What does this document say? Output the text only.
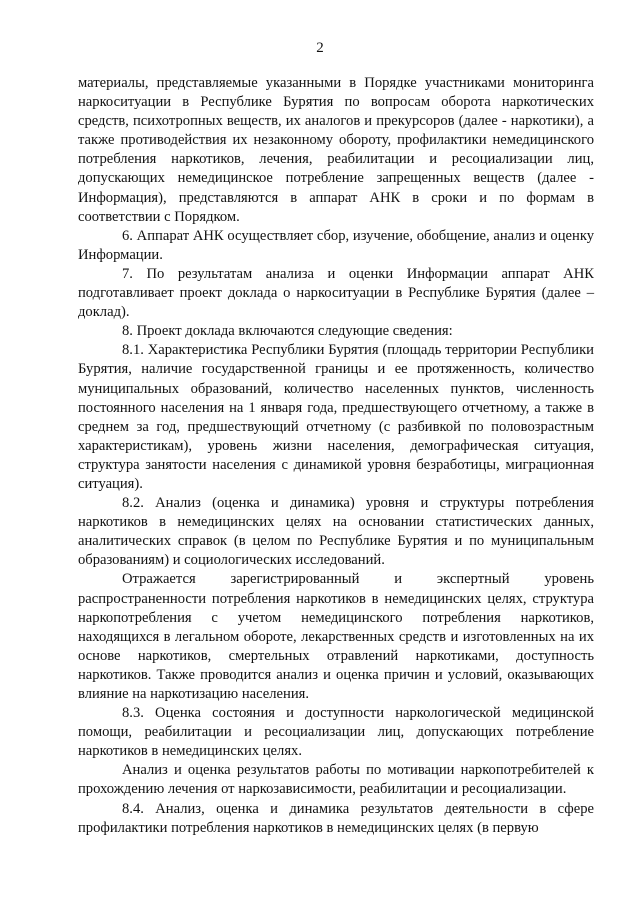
2

материалы, представляемые указанными в Порядке участниками мониторинга наркоситуации в Республике Бурятия по вопросам оборота наркотических средств, психотропных веществ, их аналогов и прекурсоров (далее - наркотики), а также противодействия их незаконному обороту, профилактики немедицинского потребления наркотиков, лечения, реабилитации и ресоциализации лиц, допускающих немедицинское потребление запрещенных веществ (далее - Информация), представляются в аппарат АНК в сроки и по формам в соответствии с Порядком.

6. Аппарат АНК осуществляет сбор, изучение, обобщение, анализ и оценку Информации.

7. По результатам анализа и оценки Информации аппарат АНК подготавливает проект доклада о наркоситуации в Республике Бурятия (далее – доклад).

8. Проект доклада включаются следующие сведения:

8.1. Характеристика Республики Бурятия (площадь территории Республики Бурятия, наличие государственной границы и ее протяженность, количество муниципальных образований, количество населенных пунктов, численность постоянного населения на 1 января года, предшествующего отчетному, а также в среднем за год, предшествующий отчетному (с разбивкой по половозрастным характеристикам), уровень жизни населения, демографическая ситуация, структура занятости населения с динамикой уровня безработицы, миграционная ситуация).

8.2. Анализ (оценка и динамика) уровня и структуры потребления наркотиков в немедицинских целях на основании статистических данных, аналитических справок (в целом по Республике Бурятия и по муниципальным образованиям) и социологических исследований.

Отражается зарегистрированный и экспертный уровень распространенности потребления наркотиков в немедицинских целях, структура наркопотребления с учетом немедицинского потребления наркотиков, находящихся в легальном обороте, лекарственных средств и изготовленных на их основе наркотиков, смертельных отравлений наркотиками, доступность наркотиков. Также проводится анализ и оценка причин и условий, оказывающих влияние на наркотизацию населения.

8.3. Оценка состояния и доступности наркологической медицинской помощи, реабилитации и ресоциализации лиц, допускающих потребление наркотиков в немедицинских целях.

Анализ и оценка результатов работы по мотивации наркопотребителей к прохождению лечения от наркозависимости, реабилитации и ресоциализации.

8.4. Анализ, оценка и динамика результатов деятельности в сфере профилактики потребления наркотиков в немедицинских целях (в первую
